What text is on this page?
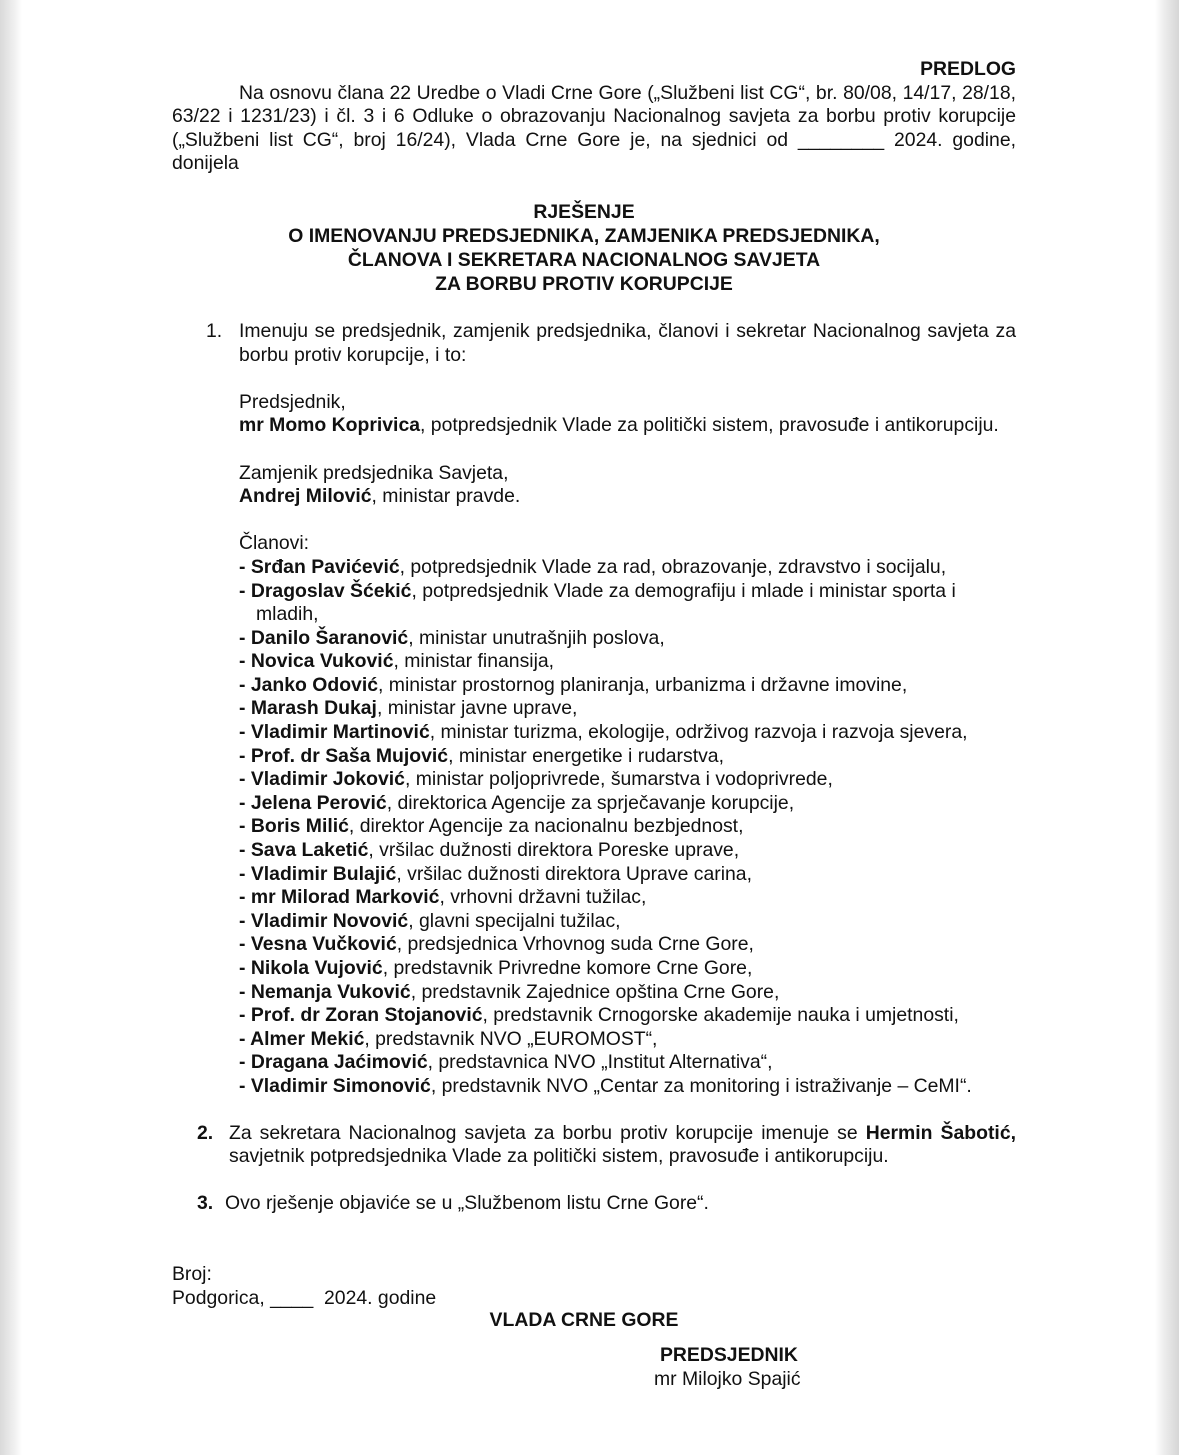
PREDLOG
Na osnovu člana 22 Uredbe o Vladi Crne Gore („Službeni list CG“, br. 80/08, 14/17, 28/18, 63/22 i 1231/23) i čl. 3 i 6 Odluke o obrazovanju Nacionalnog savjeta za borbu protiv korupcije („Službeni list CG“, broj 16/24), Vlada Crne Gore je, na sjednici od ________ 2024. godine, donijela
RJEŠENJE
O IMENOVANJU PREDSJEDNIKA, ZAMJENIKA PREDSJEDNIKA,
ČLANOVA I SEKRETARA NACIONALNOG SAVJETA
ZA BORBU PROTIV KORUPCIJE
1. Imenuju se predsjednik, zamjenik predsjednika, članovi i sekretar Nacionalnog savjeta za borbu protiv korupcije, i to:
Predsjednik,
mr Momo Koprivica, potpredsjednik Vlade za politički sistem, pravosuđe i antikorupciju.
Zamjenik predsjednika Savjeta,
Andrej Milović, ministar pravde.
Članovi:
- Srđan Pavićević, potpredsjednik Vlade za rad, obrazovanje, zdravstvo i socijalu,
- Dragoslav Šćekić, potpredsjednik Vlade za demografiju i mlade i ministar sporta i mladih,
- Danilo Šaranović, ministar unutrašnjih poslova,
- Novica Vuković, ministar finansija,
- Janko Odović, ministar prostornog planiranja, urbanizma i državne imovine,
- Marash Dukaj, ministar javne uprave,
- Vladimir Martinović, ministar turizma, ekologije, održivog razvoja i razvoja sjevera,
- Prof. dr Saša Mujović, ministar energetike i rudarstva,
- Vladimir Joković, ministar poljoprivrede, šumarstva i vodoprivrede,
- Jelena Perović, direktorica Agencije za sprječavanje korupcije,
- Boris Milić, direktor Agencije za nacionalnu bezbjednost,
- Sava Laketić, vršilac dužnosti direktora Poreske uprave,
- Vladimir Bulajić, vršilac dužnosti direktora Uprave carina,
- mr Milorad Marković, vrhovni državni tužilac,
- Vladimir Novović, glavni specijalni tužilac,
- Vesna Vučković, predsjednica Vrhovnog suda Crne Gore,
- Nikola Vujović, predstavnik Privredne komore Crne Gore,
- Nemanja Vuković, predstavnik Zajednice opština Crne Gore,
- Prof. dr Zoran Stojanović, predstavnik Crnogorske akademije nauka i umjetnosti,
- Almer Mekić, predstavnik NVO „EUROMOST“,
- Dragana Jaćimović, predstavnica NVO „Institut Alternativa“,
- Vladimir Simonović, predstavnik NVO „Centar za monitoring i istraživanje – CeMI“.
2. Za sekretara Nacionalnog savjeta za borbu protiv korupcije imenuje se Hermin Šabotić, savjetnik potpredsjednika Vlade za politički sistem, pravosuđe i antikorupciju.
3. Ovo rješenje objaviće se u „Službenom listu Crne Gore“.
Broj:
Podgorica, ____  2024. godine
VLADA CRNE GORE
PREDSJEDNIK
mr Milojko Spajić
